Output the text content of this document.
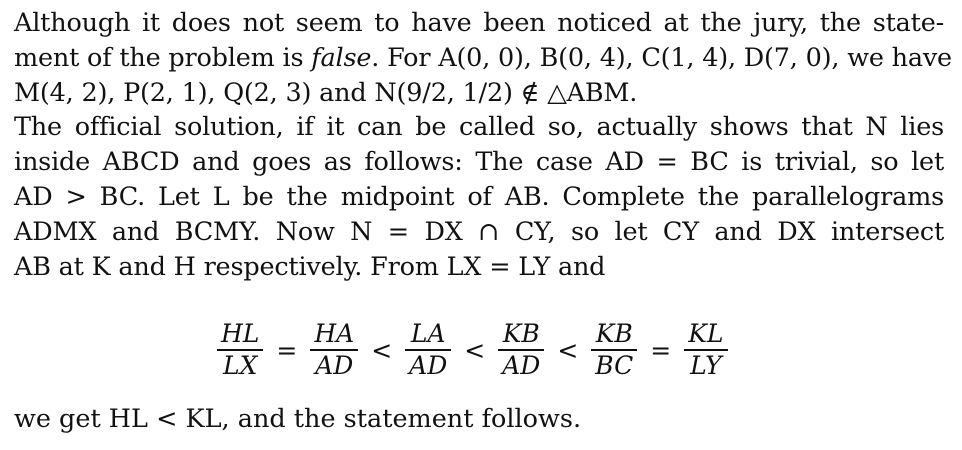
Although it does not seem to have been noticed at the jury, the state-
ment of the problem is false. For A(0, 0), B(0, 4), C(1, 4), D(7, 0), we have
M(4, 2), P(2, 1), Q(2, 3) and N(9/2, 1/2) ∉ △ABM.
The official solution, if it can be called so, actually shows that N lies
inside ABCD and goes as follows: The case AD = BC is trivial, so let
AD > BC. Let L be the midpoint of AB. Complete the parallelograms
ADMX and BCMY. Now N = DX ∩ CY, so let CY and DX intersect
AB at K and H respectively. From LX = LY and
$\frac{HL}{LX} = \frac{HA}{AD} < \frac{LA}{AD} < \frac{KB}{AD} < \frac{KB}{BC} = \frac{KL}{LY}$
we get HL < KL, and the statement follows.
